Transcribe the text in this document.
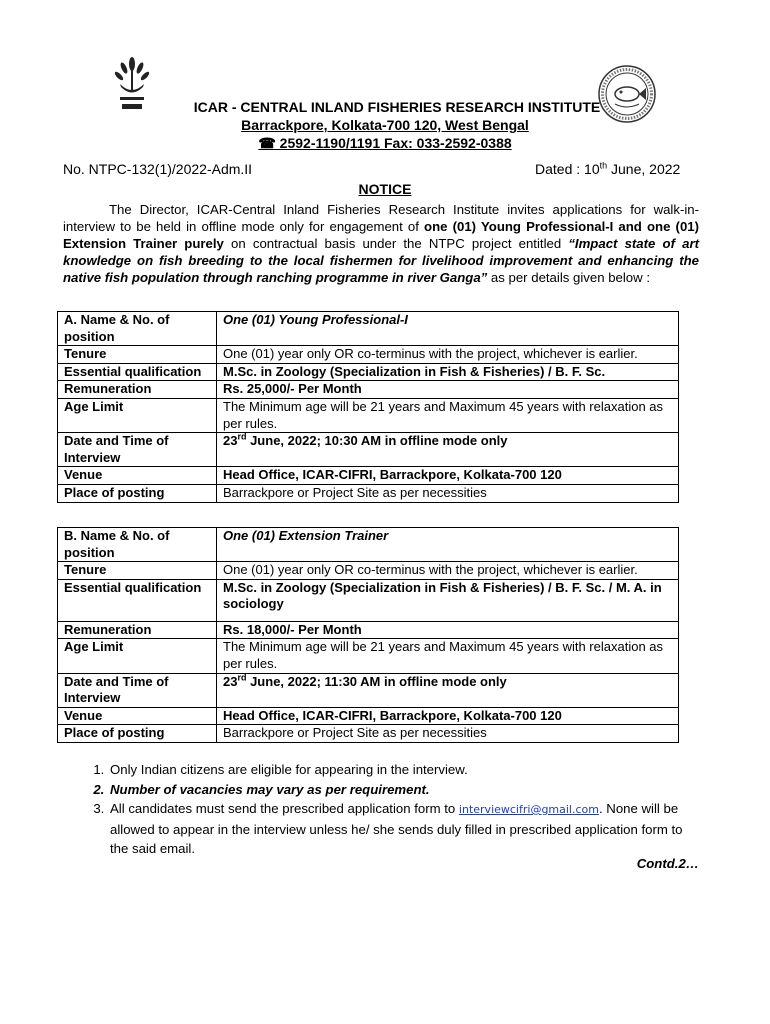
ICAR - CENTRAL INLAND FISHERIES RESEARCH INSTITUTE
Barrackpore, Kolkata-700 120, West Bengal
☎ 2592-1190/1191 Fax: 033-2592-0388
No. NTPC-132(1)/2022-Adm.II	Dated : 10th June, 2022
NOTICE
The Director, ICAR-Central Inland Fisheries Research Institute invites applications for walk-in-interview to be held in offline mode only for engagement of one (01) Young Professional-I and one (01) Extension Trainer purely on contractual basis under the NTPC project entitled “Impact state of art knowledge on fish breeding to the local fishermen for livelihood improvement and enhancing the native fish population through ranching programme in river Ganga” as per details given below :
A. Name & No. of position	One (01) Young Professional-I
Tenure	One (01) year only OR co-terminus with the project, whichever is earlier.
Essential qualification	M.Sc. in Zoology (Specialization in Fish & Fisheries) / B. F. Sc.
Remuneration	Rs. 25,000/- Per Month
Age Limit	The Minimum age will be 21 years and Maximum 45 years with relaxation as per rules.
Date and Time of Interview	23rd June, 2022; 10:30 AM in offline mode only
Venue	Head Office, ICAR-CIFRI, Barrackpore, Kolkata-700 120
Place of posting	Barrackpore or Project Site as per necessities
B. Name & No. of position	One (01) Extension Trainer
Tenure	One (01) year only OR co-terminus with the project, whichever is earlier.
Essential qualification	M.Sc. in Zoology (Specialization in Fish & Fisheries) / B. F. Sc. / M. A. in sociology
Remuneration	Rs. 18,000/- Per Month
Age Limit	The Minimum age will be 21 years and Maximum 45 years with relaxation as per rules.
Date and Time of Interview	23rd June, 2022; 11:30 AM in offline mode only
Venue	Head Office, ICAR-CIFRI, Barrackpore, Kolkata-700 120
Place of posting	Barrackpore or Project Site as per necessities
1. Only Indian citizens are eligible for appearing in the interview.
2. Number of vacancies may vary as per requirement.
3. All candidates must send the prescribed application form to interviewcifri@gmail.com. None will be allowed to appear in the interview unless he/ she sends duly filled in prescribed application form to the said email.
Contd.2…
